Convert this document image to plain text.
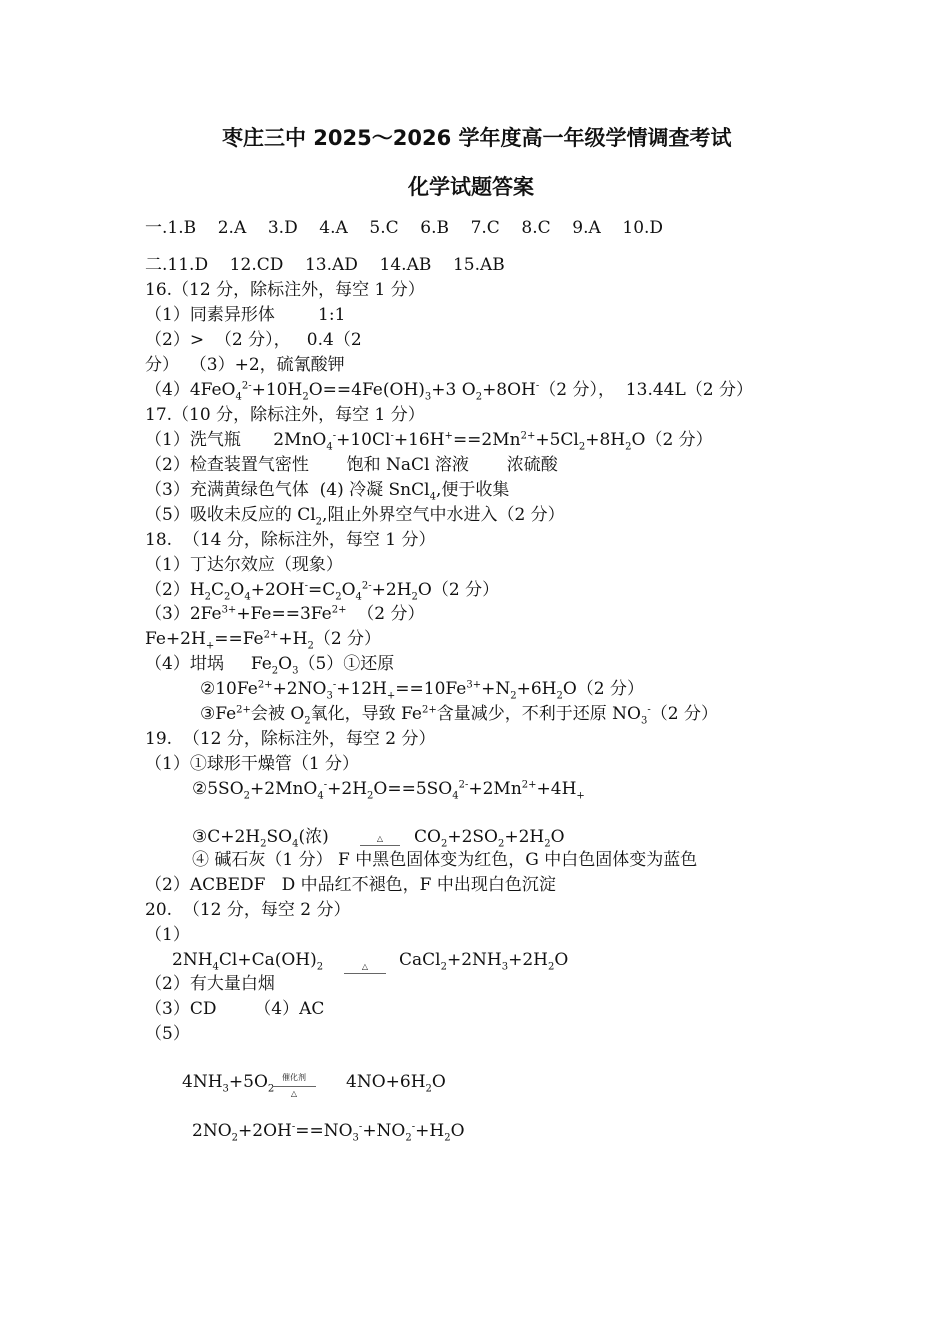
枣庄三中 2025～2026 学年度高一年级学情调查考试
化学试题答案
一.1.B    2.A    3.D    4.A    5.C    6.B    7.C    8.C    9.A    10.D
二.11.D    12.CD    13.AD    14.AB    15.AB
16.（12 分，除标注外，每空 1 分）
（1）同素异形体        1:1
（2）>  （2 分），   0.4（2
分）  （3）+2，硫氰酸钾
$(4)4FeO_4^{2-}+10H_2O==4Fe(OH)_3+3$ $O_2+8OH^-(2$ 分），  13.44L（2 分）
17.（10 分，除标注外，每空 1 分）
（1）洗气瓶      $2MnO_4^-+10Cl^-+16H^+==2Mn^{2+}+5Cl_2+8H_2O(2$ 分）
（2）检查装置气密性       饱和 NaCl 溶液       浓硫酸
（3）充满黄绿色气体  (4) 冷凝 SnCl$_4$,便于收集
（5）吸收未反应的 $Cl_2$,阻止外界空气中水进入（2 分）
18.  （14 分，除标注外，每空 1 分）
（1）丁达尔效应（现象）
$(2)H_2C_2O_4+2OH^-=C_2O_4^{2-}+2H_2O(2$ 分）
$(3)2Fe^{3+}+Fe==3Fe^{2+}$  （2 分）
$Fe+2H_+==Fe^{2+}+H_2(2$ 分）
（4）坩埚     $Fe_2O_3(5)①$还原
$②10Fe^{2+}+2NO_3^-+12H_+==10Fe^{3+}+N_2+6H_2O(2$ 分）
$③Fe^{2+}$会被 $O_2$氧化，导致 $Fe^{2+}$含量减少，不利于还原 $NO_3^-(2$ 分）
19.  （12 分，除标注外，每空 2 分）
（1）①球形干燥管（1 分）
$②5SO_2+2MnO_4^-+2H_2O==5SO_4^{2-}+2Mn^{2+}+4H_+$
$③C+2H_2SO_4$(浓)	△	$CO_2+2SO_2+2H_2O$
④ 碱石灰（1 分） F 中黑色固体变为红色，G 中白色固体变为蓝色
（2）ACBEDF   D 中品红不褪色，F 中出现白色沉淀
20.  （12 分，每空 2 分）
（1）
$2NH_4Cl+Ca(OH)_2$	△	$CaCl_2+2NH_3+2H_2O$
（2）有大量白烟
（3）CD       （4）AC
（5）
$4NH_3+5O_2$
催化剂
△
$4NO+6H_2O$
$2NO_2+2OH^-==NO_3^-+NO_2^-+H_2O$
